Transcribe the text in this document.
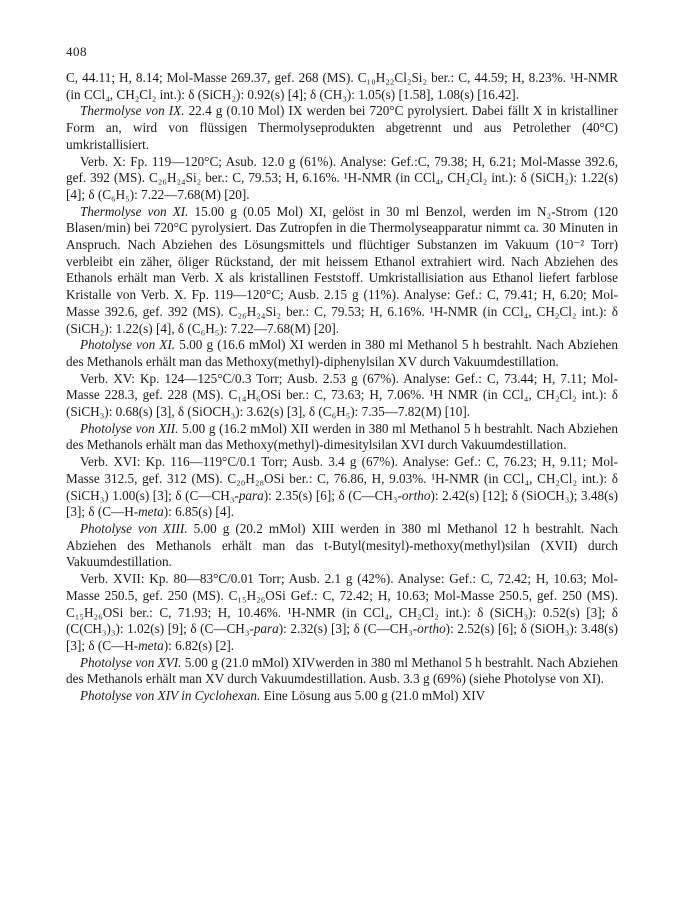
408

C, 44.11; H, 8.14; Mol-Masse 269.37, gef. 268 (MS). C₁₀H₂₂Cl₂Si₂ ber.: C, 44.59; H, 8.23%. ¹H-NMR (in CCl₄, CH₂Cl₂ int.): δ (SiCH₂): 0.92(s) [4]; δ (CH₃): 1.05(s) [1.58], 1.08(s) [16.42].

Thermolyse von IX. 22.4 g (0.10 Mol) IX werden bei 720°C pyrolysiert. Dabei fällt X in kristalliner Form an, wird von flüssigen Thermolyseprodukten abgetrennt und aus Petrolether (40°C) umkristallisiert.

Verb. X: Fp. 119—120°C; Asub. 12.0 g (61%). Analyse: Gef.:C, 79.38; H, 6.21; Mol-Masse 392.6, gef. 392 (MS). C₂₆H₂₄Si₂ ber.: C, 79.53; H, 6.16%. ¹H-NMR (in CCl₄, CH₂Cl₂ int.): δ (SiCH₂): 1.22(s) [4]; δ (C₆H₅): 7.22—7.68(M) [20].

Thermolyse von XI. 15.00 g (0.05 Mol) XI, gelöst in 30 ml Benzol, werden im N₂-Strom (120 Blasen/min) bei 720°C pyrolysiert. Das Zutropfen in die Thermolyseapparatur nimmt ca. 30 Minuten in Anspruch. Nach Abziehen des Lösungsmittels und flüchtiger Substanzen im Vakuum (10⁻² Torr) verbleibt ein zäher, öliger Rückstand, der mit heissem Ethanol extrahiert wird. Nach Abziehen des Ethanols erhält man Verb. X als kristallinen Feststoff. Umkristallisiation aus Ethanol liefert farblose Kristalle von Verb. X. Fp. 119—120°C; Ausb. 2.15 g (11%). Analyse: Gef.: C, 79.41; H, 6.20; Mol-Masse 392.6, gef. 392 (MS). C₂₆H₂₄Si₂ ber.: C, 79.53; H, 6.16%. ¹H-NMR (in CCl₄, CH₂Cl₂ int.): δ (SiCH₂): 1.22(s) [4], δ (C₆H₅): 7.22—7.68(M) [20].

Photolyse von XI. 5.00 g (16.6 mMol) XI werden in 380 ml Methanol 5 h bestrahlt. Nach Abziehen des Methanols erhält man das Methoxy(methyl)-diphenylsilan XV durch Vakuumdestillation.

Verb. XV: Kp. 124—125°C/0.3 Torr; Ausb. 2.53 g (67%). Analyse: Gef.: C, 73.44; H, 7.11; Mol-Masse 228.3, gef. 228 (MS). C₁₄H₆OSi ber.: C, 73.63; H, 7.06%. ¹H NMR (in CCl₄, CH₂Cl₂ int.): δ (SiCH₃): 0.68(s) [3], δ (SiOCH₃): 3.62(s) [3], δ (C₆H₅): 7.35—7.82(M) [10].

Photolyse von XII. 5.00 g (16.2 mMol) XII werden in 380 ml Methanol 5 h bestrahlt. Nach Abziehen des Methanols erhält man das Methoxy(methyl)-dimesitylsilan XVI durch Vakuumdestillation.

Verb. XVI: Kp. 116—119°C/0.1 Torr; Ausb. 3.4 g (67%). Analyse: Gef.: C, 76.23; H, 9.11; Mol-Masse 312.5, gef. 312 (MS). C₂₀H₂₈OSi ber.: C, 76.86, H, 9.03%. ¹H-NMR (in CCl₄, CH₂Cl₂ int.): δ (SiCH₃) 1.00(s) [3]; δ (C—CH₃-para): 2.35(s) [6]; δ (C—CH₃-ortho): 2.42(s) [12]; δ (SiOCH₃); 3.48(s) [3]; δ (C—H-meta): 6.85(s) [4].

Photolyse von XIII. 5.00 g (20.2 mMol) XIII werden in 380 ml Methanol 12 h bestrahlt. Nach Abziehen des Methanols erhält man das t-Butyl(mesityl)-methoxy(methyl)silan (XVII) durch Vakuumdestillation.

Verb. XVII: Kp. 80—83°C/0.01 Torr; Ausb. 2.1 g (42%). Analyse: Gef.: C, 72.42; H, 10.63; Mol-Masse 250.5, gef. 250 (MS). C₁₅H₂₆OSi Gef.: C, 72.42; H, 10.63; Mol-Masse 250.5, gef. 250 (MS). C₁₅H₂₆OSi ber.: C, 71.93; H, 10.46%. ¹H-NMR (in CCl₄, CH₂Cl₂ int.): δ (SiCH₃): 0.52(s) [3]; δ (C(CH₃)₃): 1.02(s) [9]; δ (C—CH₃-para): 2.32(s) [3]; δ (C—CH₃-ortho): 2.52(s) [6]; δ (SiOH₃): 3.48(s) [3]; δ (C—H-meta): 6.82(s) [2].

Photolyse von XVI. 5.00 g (21.0 mMol) XIVwerden in 380 ml Methanol 5 h bestrahlt. Nach Abziehen des Methanols erhält man XV durch Vakuumdestillation. Ausb. 3.3 g (69%) (siehe Photolyse von XI).

Photolyse von XIV in Cyclohexan. Eine Lösung aus 5.00 g (21.0 mMol) XIV
